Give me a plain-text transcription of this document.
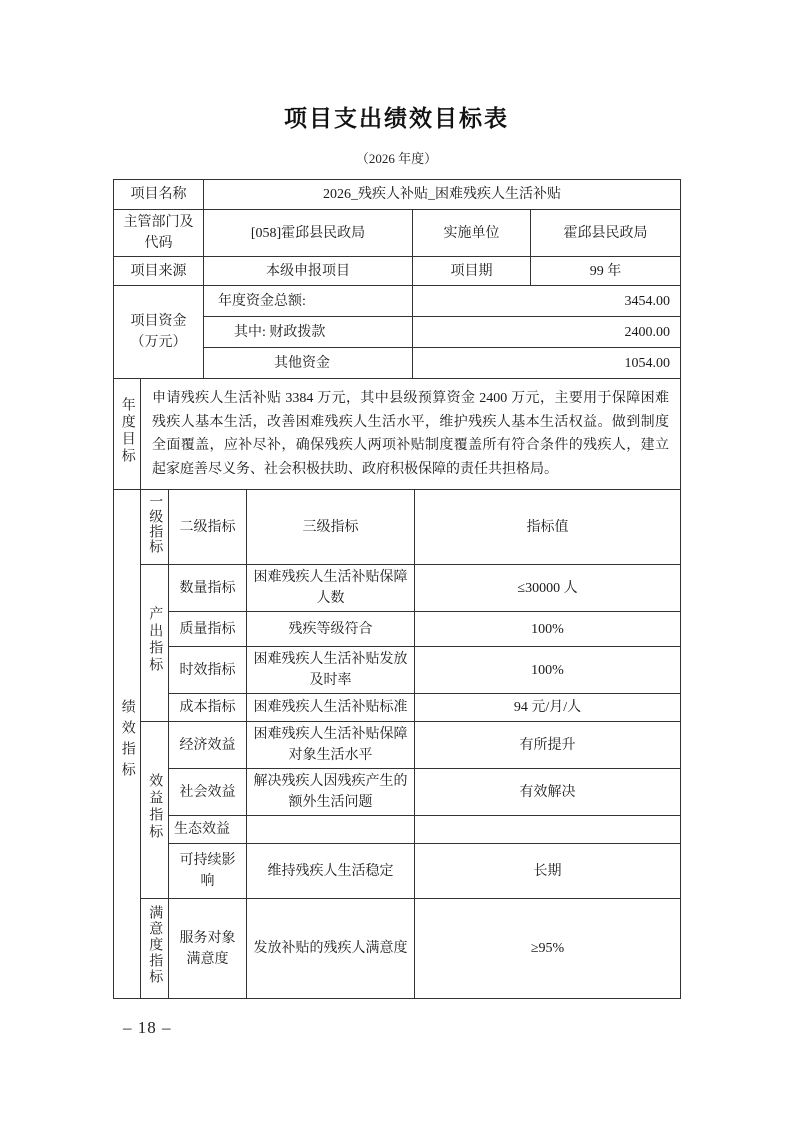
项目支出绩效目标表
（2026 年度）
项目名称	2026_残疾人补贴_困难残疾人生活补贴		
主管部门及代码	[058]霍邱县民政局	实施单位	霍邱县民政局
项目来源	本级申报项目	项目期	99 年
项目资金（万元）	年度资金总额:	3454.00	
	其中: 财政拨款	2400.00	
	其他资金	1054.00	
年度目标	申请残疾人生活补贴 3384 万元，其中县级预算资金 2400 万元，主要用于保障困难残疾人基本生活，改善困难残疾人生活水平，维护残疾人基本生活权益。做到制度全面覆盖，应补尽补，确保残疾人两项补贴制度覆盖所有符合条件的残疾人，建立起家庭善尽义务、社会积极扶助、政府积极保障的责任共担格局。
绩效指标	一级指标	二级指标	三级指标	指标值
	产出指标	数量指标	困难残疾人生活补贴保障人数	≤30000 人
		质量指标	残疾等级符合	100%
		时效指标	困难残疾人生活补贴发放及时率	100%
		成本指标	困难残疾人生活补贴标准	94 元/月/人
	效益指标	经济效益	困难残疾人生活补贴保障对象生活水平	有所提升
		社会效益	解决残疾人因残疾产生的额外生活问题	有效解决
		生态效益		
		可持续影响	维持残疾人生活稳定	长期
	满意度指标	服务对象满意度	发放补贴的残疾人满意度	≥95%
– 18 –
